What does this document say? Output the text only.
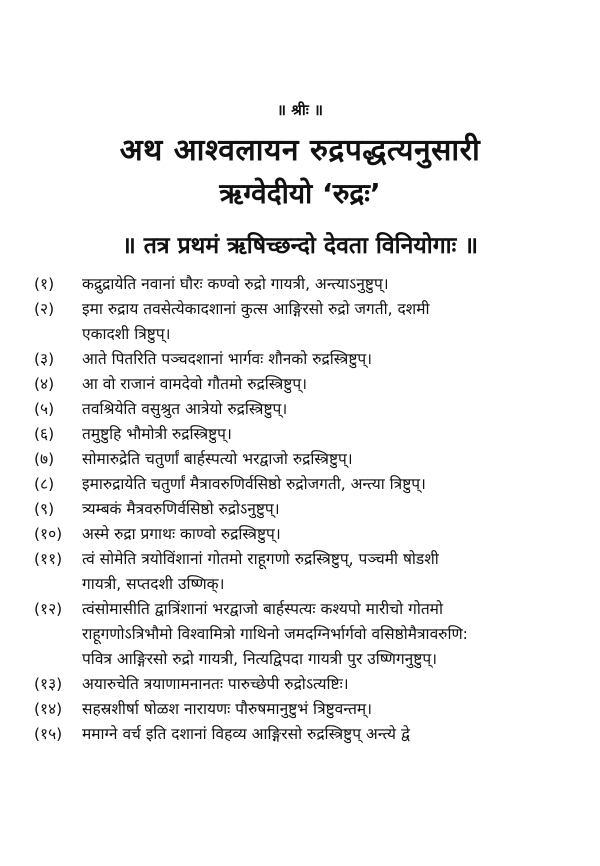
॥ श्रीः ॥
अथ आश्वलायन रुद्रपद्धत्यनुसारी
ऋग्वेदीयो ‘रुद्रः’
॥ तत्र प्रथमं ऋषिच्छन्दो देवता विनियोगाः ॥
(१)	कद्रुद्रायेति नवानां घौरः कण्वो रुद्रो गायत्री, अन्त्याऽनुष्टुप्।
(२)	इमा रुद्राय तवसेत्येकादशानां कुत्स आङ्गिरसो रुद्रो जगती, दशमी
एकादशी त्रिष्टुप्।
(३)	आते पितरिति पञ्चदशानां भार्गवः शौनको रुद्रस्त्रिष्टुप्।
(४)	आ वो राजानं वामदेवो गौतमो रुद्रस्त्रिष्टुप्।
(५)	तवश्रियेति वसुश्रुत आत्रेयो रुद्रस्त्रिष्टुप्।
(६)	तमुष्टुहि भौमोत्री रुद्रस्त्रिष्टुप्।
(७)	सोमारुद्रेति चतुर्णां बार्हस्पत्यो भरद्वाजो रुद्रस्त्रिष्टुप्।
(८)	इमारुद्रायेति चतुर्णां मैत्रावरुणिर्वसिष्ठो रुद्रोजगती, अन्त्या त्रिष्टुप्।
(९)	त्र्यम्बकं मैत्रवरुणिर्वसिष्ठो रुद्रोऽनुष्टुप्।
(१०)	अस्मे रुद्रा प्रगाथः काण्वो रुद्रस्त्रिष्टुप्।
(११)	त्वं सोमेति त्रयोविंशानां गोतमो राहूगणो रुद्रस्त्रिष्टुप्, पञ्चमी षोडशी
गायत्री, सप्तदशी उष्णिक्।
(१२)	त्वंसोमासीति द्वात्रिंशानां भरद्वाजो बार्हस्पत्यः कश्यपो मारीचो गोतमो
राहूगणोऽत्रिभौमो विश्वामित्रो गाथिनो जमदग्निर्भार्गवो वसिष्ठोमैत्रावरुणि:
पवित्र आङ्गिरसो रुद्रो गायत्री, नित्यद्विपदा गायत्री पुर उष्णिगनुष्टुप्।
(१३)	अयारुचेति त्रयाणामनानतः पारुच्छेपी रुद्रोऽत्यष्टिः।
(१४)	सहस्रशीर्षा षोळश नारायणः पौरुषमानुष्टुभं त्रिष्टुवन्तम्।
(१५)	ममाग्ने वर्च इति दशानां विहव्य आङ्गिरसो रुद्रस्त्रिष्टुप् अन्त्ये द्वे
